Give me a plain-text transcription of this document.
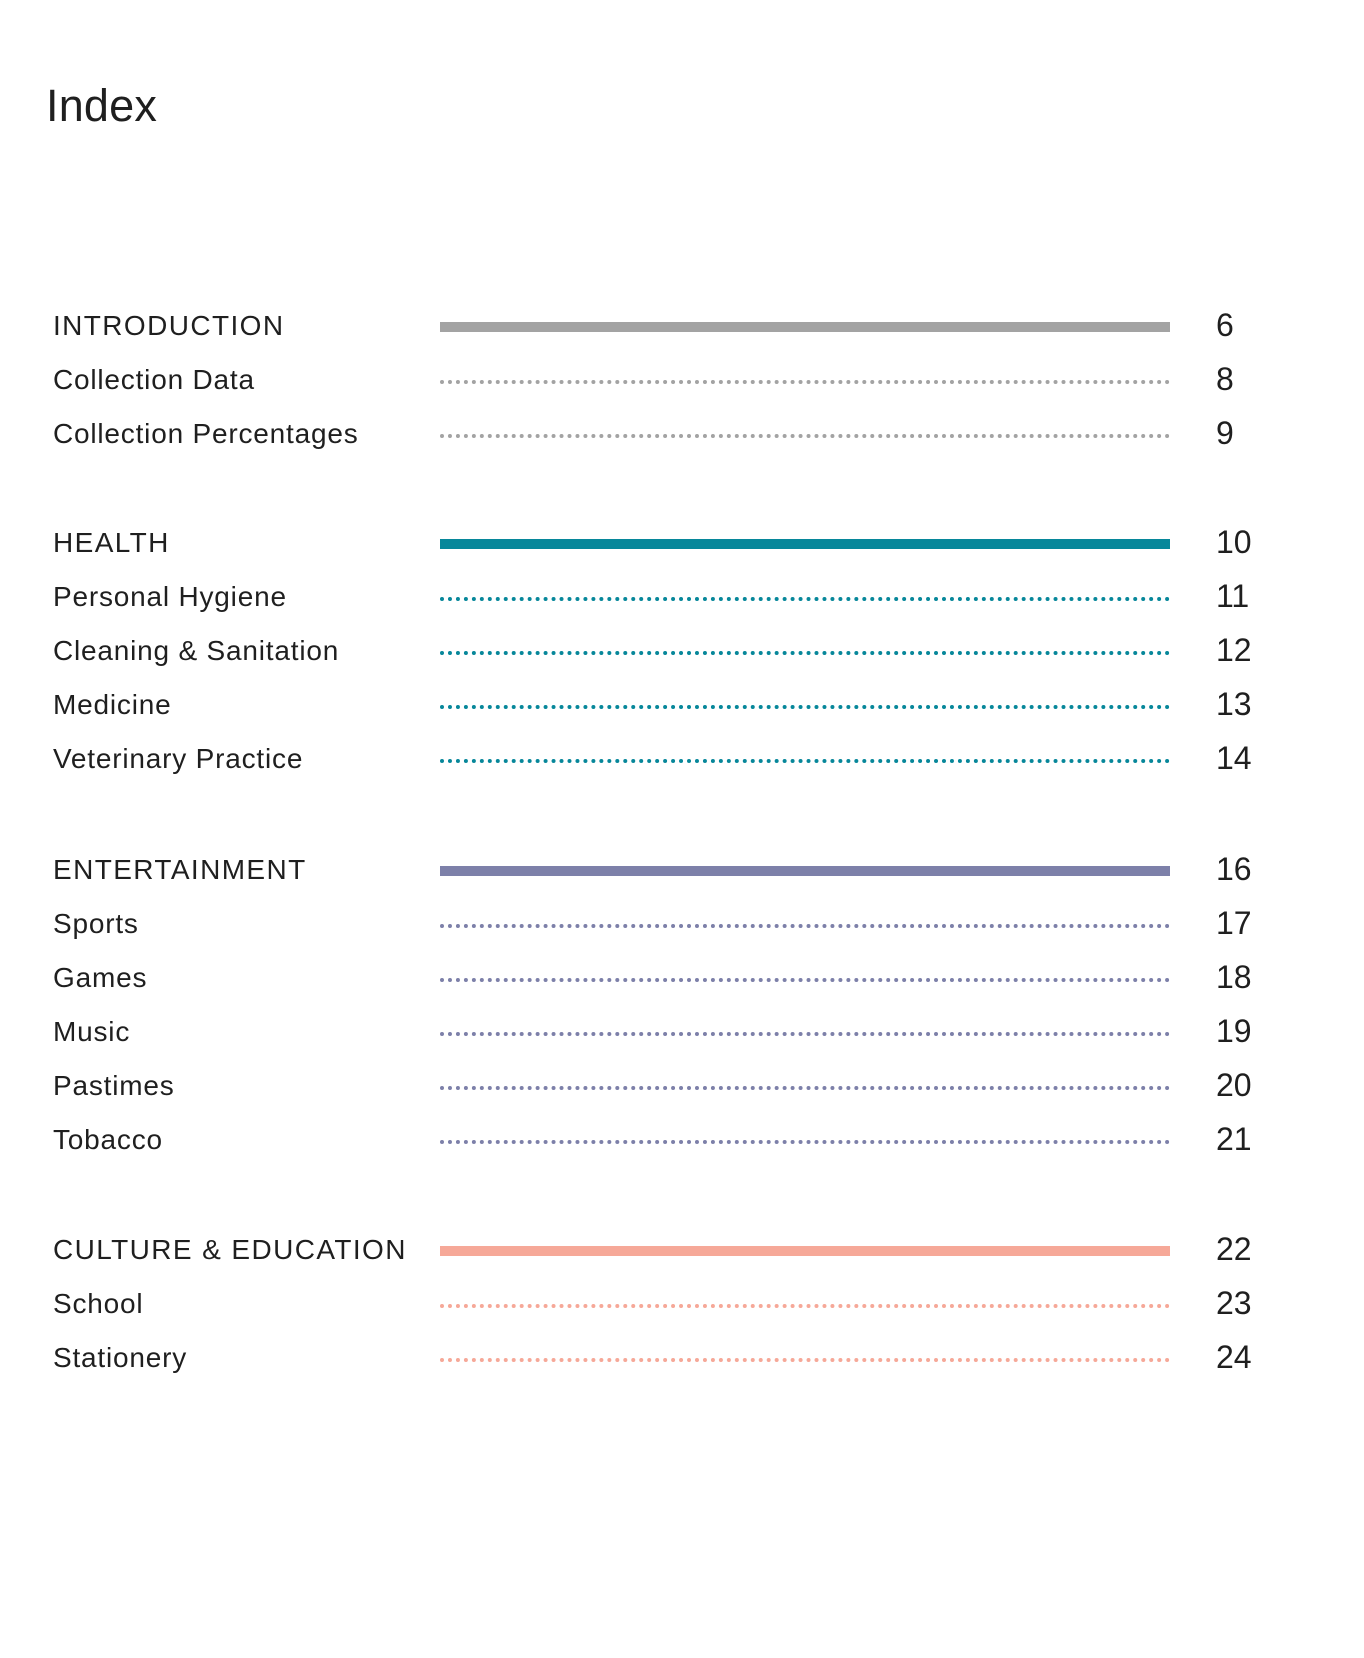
Index
INTRODUCTION	6
Collection Data	8
Collection Percentages	9
HEALTH	10
Personal Hygiene	11
Cleaning & Sanitation	12
Medicine	13
Veterinary Practice	14
ENTERTAINMENT	16
Sports	17
Games	18
Music	19
Pastimes	20
Tobacco	21
CULTURE & EDUCATION	22
School	23
Stationery	24
